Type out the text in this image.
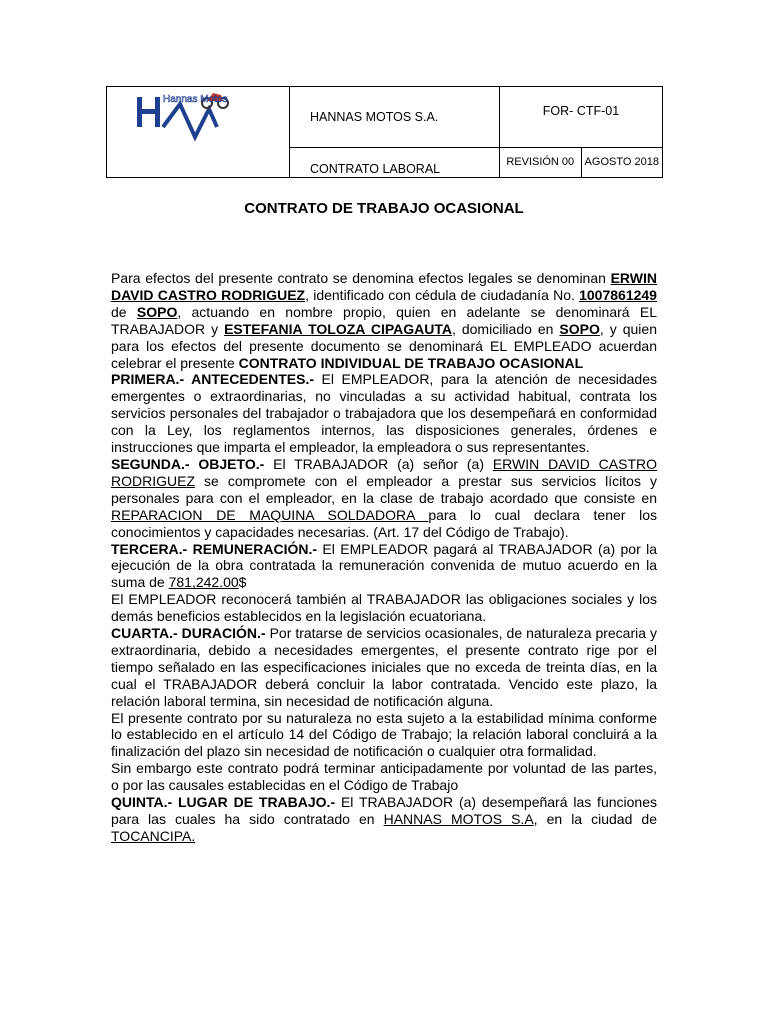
Hannas Motos	HANNAS MOTOS S.A.	FOR- CTF-01	
	CONTRATO LABORAL	REVISIÓN 00	AGOSTO 2018
CONTRATO DE TRABAJO OCASIONAL

Para efectos del presente contrato se denomina efectos legales se denominan ERWIN DAVID CASTRO RODRIGUEZ, identificado con cédula de ciudadanía No. 1007861249 de SOPO, actuando en nombre propio, quien en adelante se denominará EL TRABAJADOR y ESTEFANIA TOLOZA CIPAGAUTA, domiciliado en SOPO, y quien para los efectos del presente documento se denominará EL EMPLEADO acuerdan celebrar el presente CONTRATO INDIVIDUAL DE TRABAJO OCASIONAL

PRIMERA.- ANTECEDENTES.- El EMPLEADOR, para la atención de necesidades emergentes o extraordinarias, no vinculadas a su actividad habitual, contrata los servicios personales del trabajador o trabajadora que los desempeñará en conformidad con la Ley, los reglamentos internos, las disposiciones generales, órdenes e instrucciones que imparta el empleador, la empleadora o sus representantes.

SEGUNDA.- OBJETO.- El TRABAJADOR (a) señor (a) ERWIN DAVID CASTRO RODRIGUEZ se compromete con el empleador a prestar sus servicios lícitos y personales para con el empleador, en la clase de trabajo acordado que consiste en REPARACION DE MAQUINA SOLDADORA para lo cual declara tener los conocimientos y capacidades necesarias. (Art. 17 del Código de Trabajo).

TERCERA.- REMUNERACIÓN.- El EMPLEADOR pagará al TRABAJADOR (a) por la ejecución de la obra contratada la remuneración convenida de mutuo acuerdo en la suma de 781,242.00$

El EMPLEADOR reconocerá también al TRABAJADOR las obligaciones sociales y los demás beneficios establecidos en la legislación ecuatoriana.

CUARTA.- DURACIÓN.- Por tratarse de servicios ocasionales, de naturaleza precaria y extraordinaria, debido a necesidades emergentes, el presente contrato rige por el tiempo señalado en las especificaciones iniciales que no exceda de treinta días, en la cual el TRABAJADOR deberá concluir la labor contratada. Vencido este plazo, la relación laboral termina, sin necesidad de notificación alguna.

El presente contrato por su naturaleza no esta sujeto a la estabilidad mínima conforme lo establecido en el artículo 14 del Código de Trabajo; la relación laboral concluirá a la finalización del plazo sin necesidad de notificación o cualquier otra formalidad.

Sin embargo este contrato podrá terminar anticipadamente por voluntad de las partes, o por las causales establecidas en el Código de Trabajo

QUINTA.- LUGAR DE TRABAJO.- El TRABAJADOR (a) desempeñará las funciones para las cuales ha sido contratado en HANNAS MOTOS S.A, en la ciudad de TOCANCIPA.
